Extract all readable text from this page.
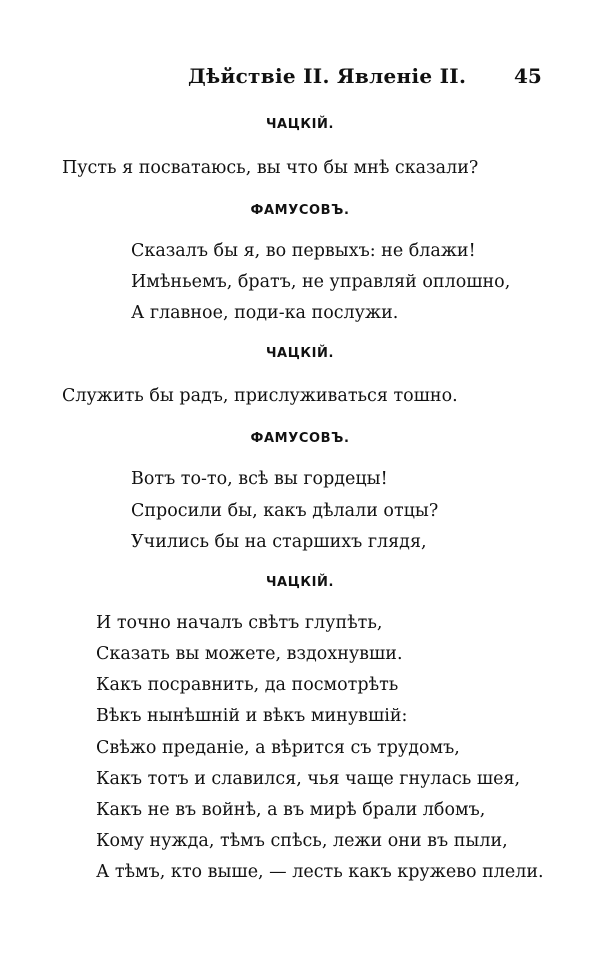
Дѣйствіе II. Явленіе II. 45
ЧАЦКІЙ.
Пусть я посватаюсь, вы что бы мнѣ сказали?
ФАМУСОВЪ.
Сказалъ бы я, во первыхъ: не блажи!
Имѣньемъ, братъ, не управляй оплошно,
А главное, поди-ка послужи.
ЧАЦКІЙ.
Служить бы радъ, прислуживаться тошно.
ФАМУСОВЪ.
Вотъ то-то, всѣ вы гордецы!
Спросили бы, какъ дѣлали отцы?
Учились бы на старшихъ глядя,
ЧАЦКІЙ.
И точно началъ свѣтъ глупѣть,
Сказать вы можете, вздохнувши.
Какъ посравнить, да посмотрѣть
Вѣкъ нынѣшній и вѣкъ минувшій:
Свѣжо преданіе, а вѣрится съ трудомъ,
Какъ тотъ и славился, чья чаще гнулась шея,
Какъ не въ войнѣ, а въ мирѣ брали лбомъ,
Кому нужда, тѣмъ спѣсь, лежи они въ пыли,
А тѣмъ, кто выше, — лесть какъ кружево плели.
